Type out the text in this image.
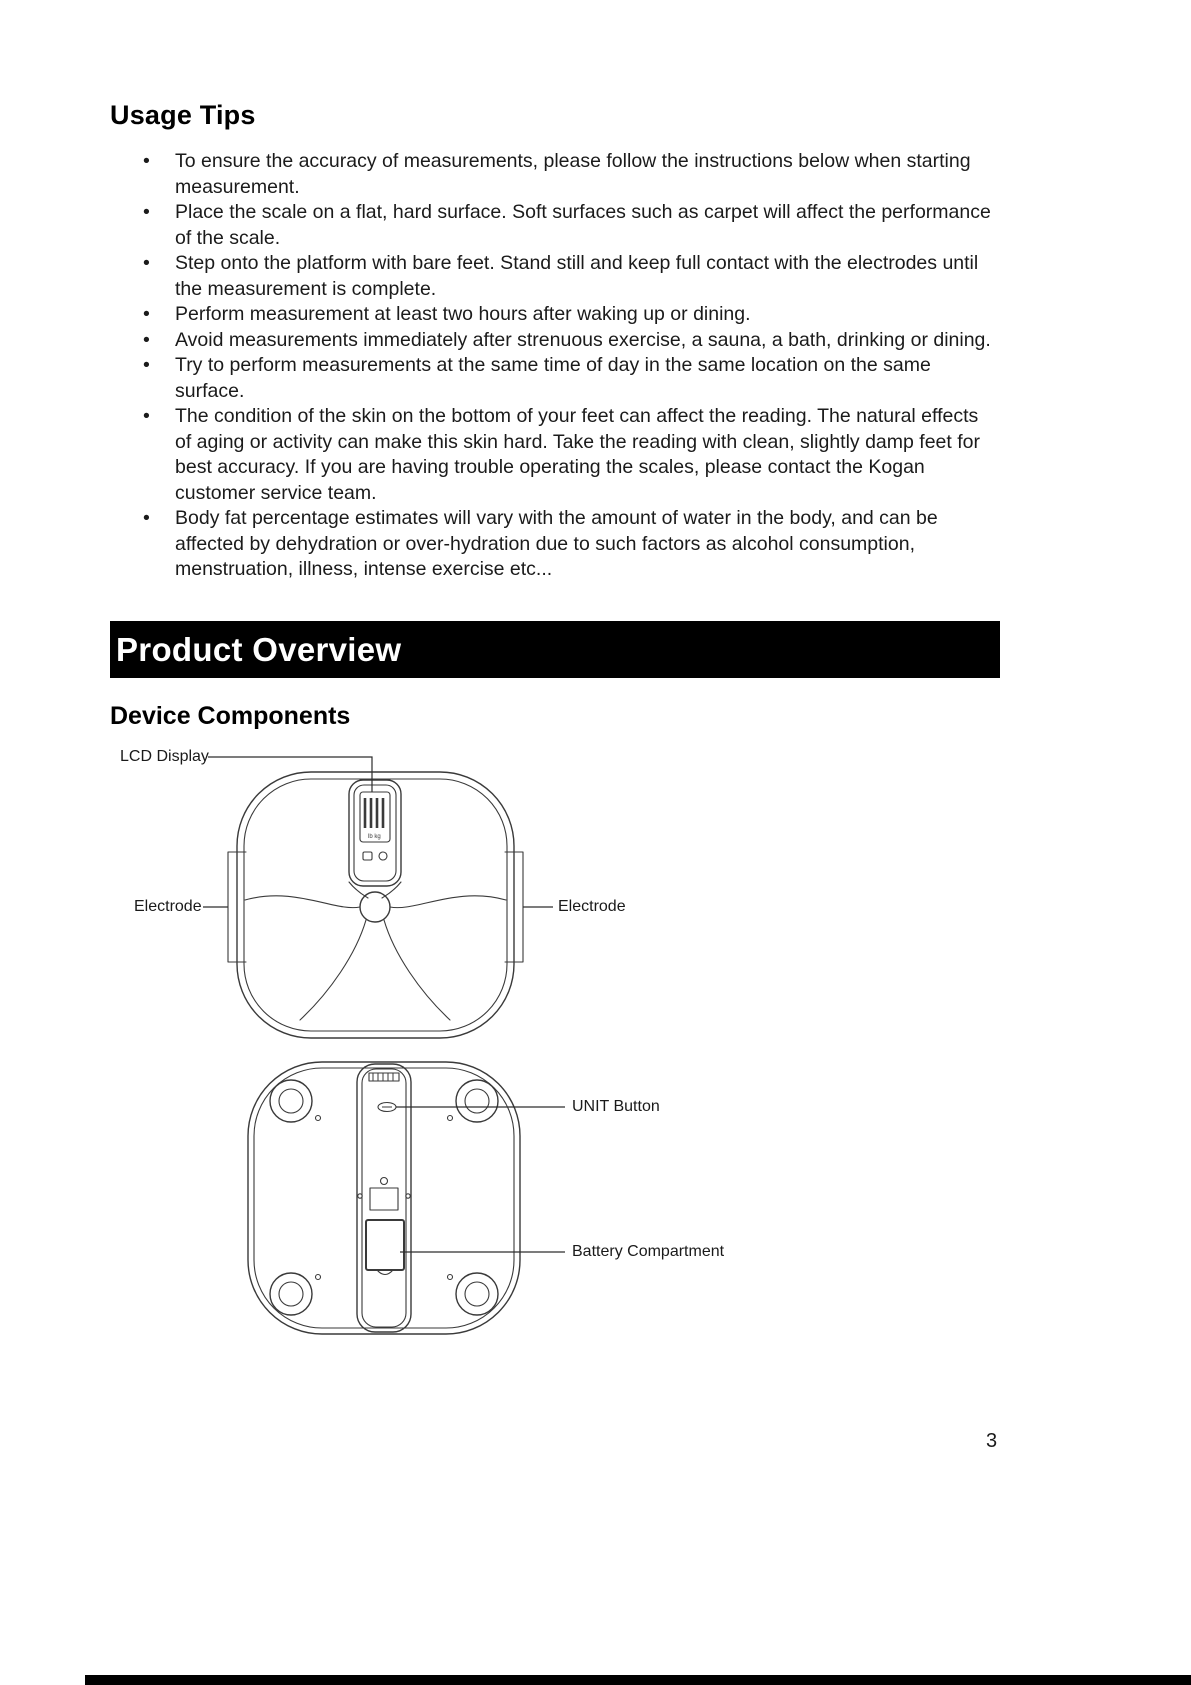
Usage Tips
•	To ensure the accuracy of measurements, please follow the instructions below when starting measurement.
•	Place the scale on a flat, hard surface. Soft surfaces such as carpet will affect the performance of the scale.
•	Step onto the platform with bare feet. Stand still and keep full contact with the electrodes until the measurement is complete.
•	Perform measurement at least two hours after waking up or dining.
•	Avoid measurements immediately after strenuous exercise, a sauna, a bath, drinking or dining.
•	Try to perform measurements at the same time of day in the same location on the same surface.
•	The condition of the skin on the bottom of your feet can affect the reading. The natural effects of aging or activity can make this skin hard. Take the reading with clean, slightly damp feet for best accuracy. If you are having trouble operating the scales, please contact the Kogan customer service team.
•	Body fat percentage estimates will vary with the amount of water in the body, and can be affected by dehydration or over-hydration due to such factors as alcohol consumption, menstruation, illness, intense exercise etc...
Product Overview
Device Components
lb kg
LCD Display
Electrode	Electrode
UNIT Button
Battery Compartment
3
